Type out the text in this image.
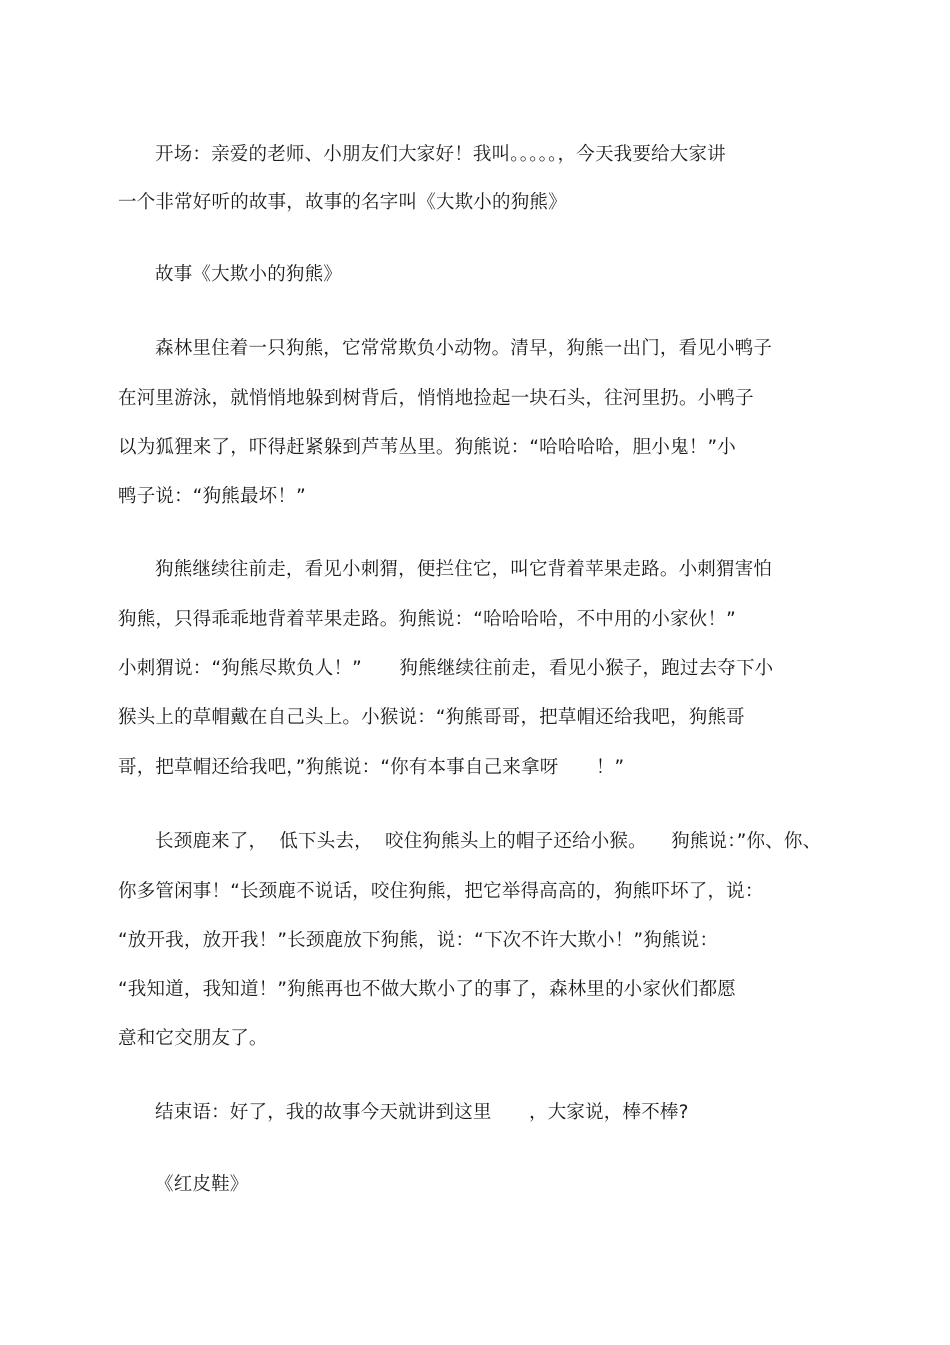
开场：亲爱的老师、小朋友们大家好！我叫。。。。。，今天我要给大家讲
一个非常好听的故事，故事的名字叫《大欺小的狗熊》
故事《大欺小的狗熊》
森林里住着一只狗熊，它常常欺负小动物。清早，狗熊一出门，看见小鸭子
在河里游泳，就悄悄地躲到树背后，悄悄地捡起一块石头，往河里扔。小鸭子
以为狐狸来了，吓得赶紧躲到芦苇丛里。狗熊说：“哈哈哈哈，胆小鬼！”小
鸭子说：“狗熊最坏！”
狗熊继续往前走，看见小刺猬，便拦住它，叫它背着苹果走路。小刺猬害怕
狗熊，只得乖乖地背着苹果走路。狗熊说：“哈哈哈哈，不中用的小家伙！”
小刺猬说：“狗熊尽欺负人！”　　狗熊继续往前走，看见小猴子，跑过去夺下小
猴头上的草帽戴在自己头上。小猴说：“狗熊哥哥，把草帽还给我吧，狗熊哥
哥，把草帽还给我吧，”狗熊说：“你有本事自己来拿呀　　！”
长颈鹿来了，  低下头去，  咬住狗熊头上的帽子还给小猴。    狗熊说：”你、你、
你多管闲事！“长颈鹿不说话，咬住狗熊，把它举得高高的，狗熊吓坏了，说：
“放开我，放开我！”长颈鹿放下狗熊，说：“下次不许大欺小！”狗熊说：
“我知道，我知道！”狗熊再也不做大欺小了的事了，森林里的小家伙们都愿
意和它交朋友了。
结束语：好了，我的故事今天就讲到这里　　，大家说，棒不棒?
《红皮鞋》
